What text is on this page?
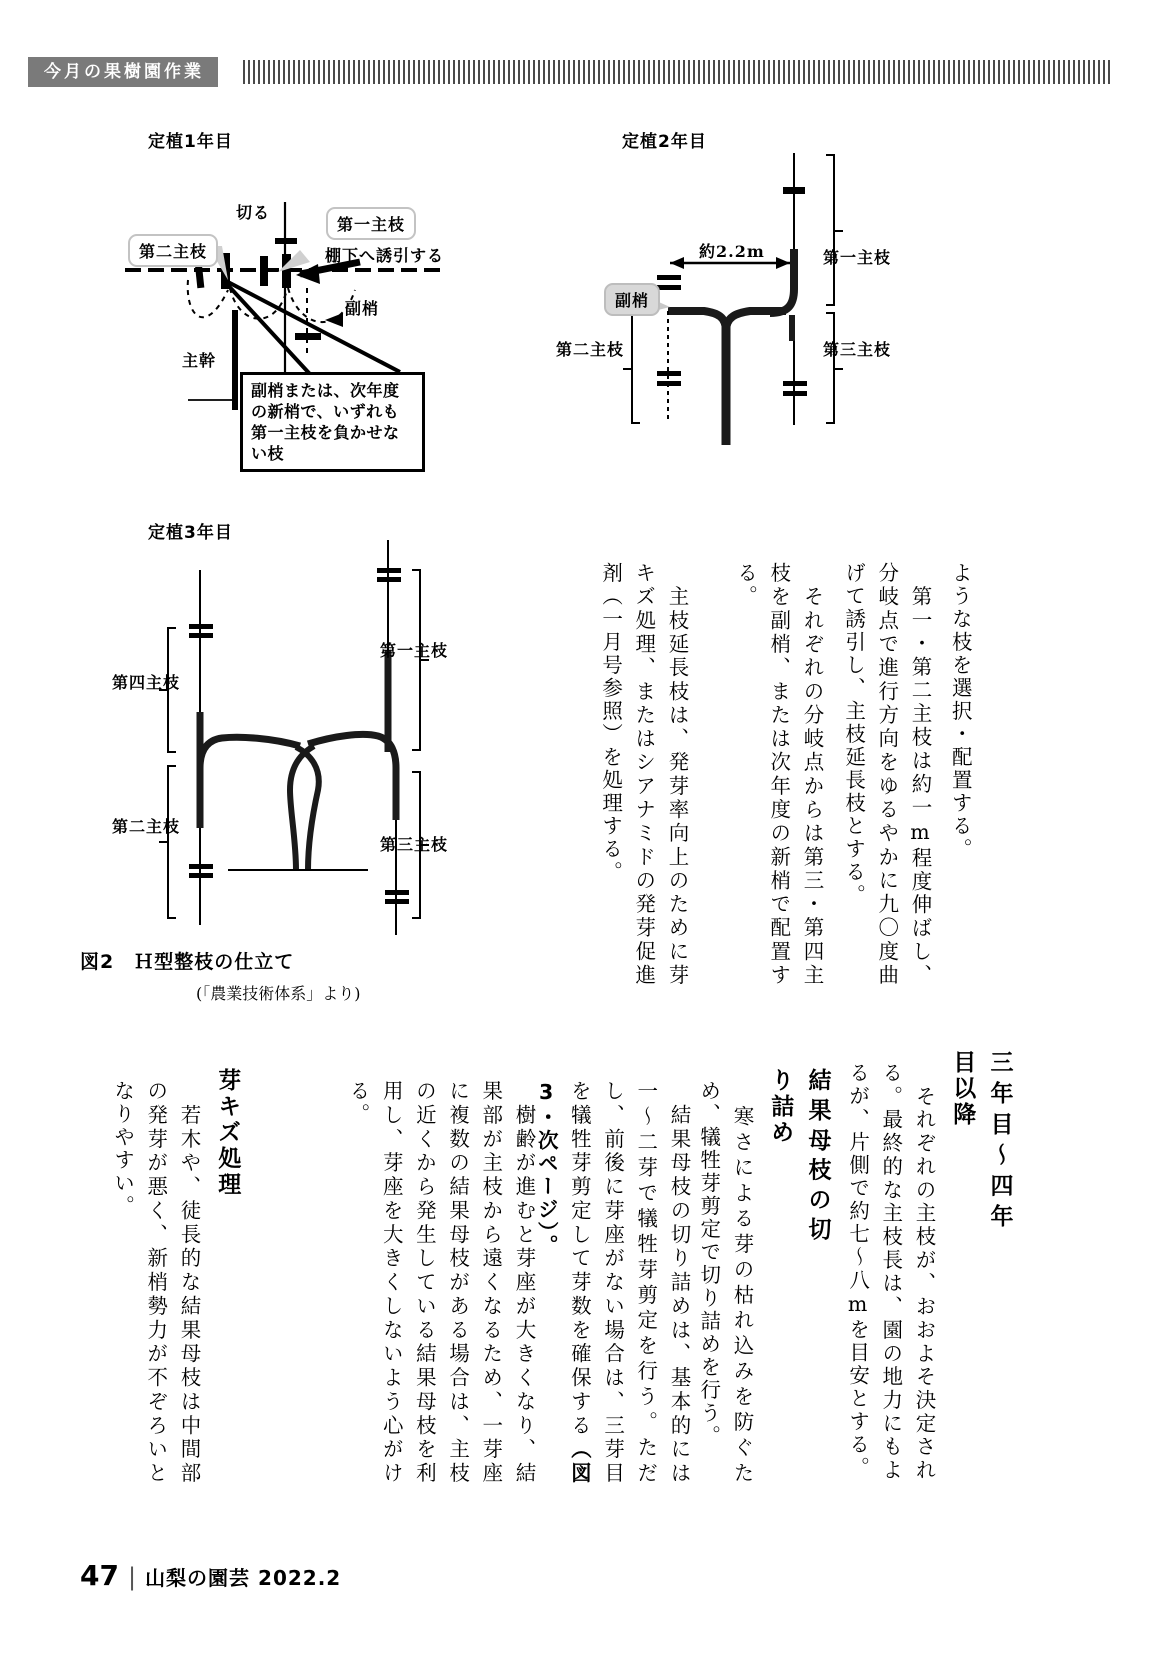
今月の果樹園作業
定植1年目
切る
第一主枝
第二主枝	棚下へ誘引する
副梢
主幹
副梢または、次年度の新梢で、いずれも第一主枝を負かせない枝
定植2年目
約2.2m
副梢
第一主枝
第二主枝	第三主枝
定植3年目
第四主枝
第一主枝
第二主枝
第三主枝
図2　Ｈ型整枝の仕立て
(「農業技術体系」より)
ような枝を選択・配置する。
　第一・第二主枝は約一m程度伸ばし、分岐点で進行方向をゆるやかに九〇度曲げて誘引し、主枝延長枝とする。
　それぞれの分岐点からは第三・第四主枝を副梢、または次年度の新梢で配置する。
　主枝延長枝は、発芽率向上のために芽キズ処理、またはシアナミドの発芽促進剤（一月号参照）を処理する。
三年目〜四年目以降
　それぞれの主枝が、おおよそ決定される。最終的な主枝長は、園の地力にもよるが、片側で約七〜八mを目安とする。
結果母枝の切り詰め
　寒さによる芽の枯れ込みを防ぐため、犠牲芽剪定で切り詰めを行う。
　結果母枝の切り詰めは、基本的には一〜二芽で犠牲芽剪定を行う。ただし、前後に芽座がない場合は、三芽目を犠牲芽剪定して芽数を確保する（図3・次ページ）。
　樹齢が進むと芽座が大きくなり、結果部が主枝から遠くなるため、一芽座に複数の結果母枝がある場合は、主枝の近くから発生している結果母枝を利用し、芽座を大きくしないよう心がける。
芽キズ処理
　若木や、徒長的な結果母枝は中間部の発芽が悪く、新梢勢力が不ぞろいとなりやすい。
47 | 山梨の園芸 2022.2
